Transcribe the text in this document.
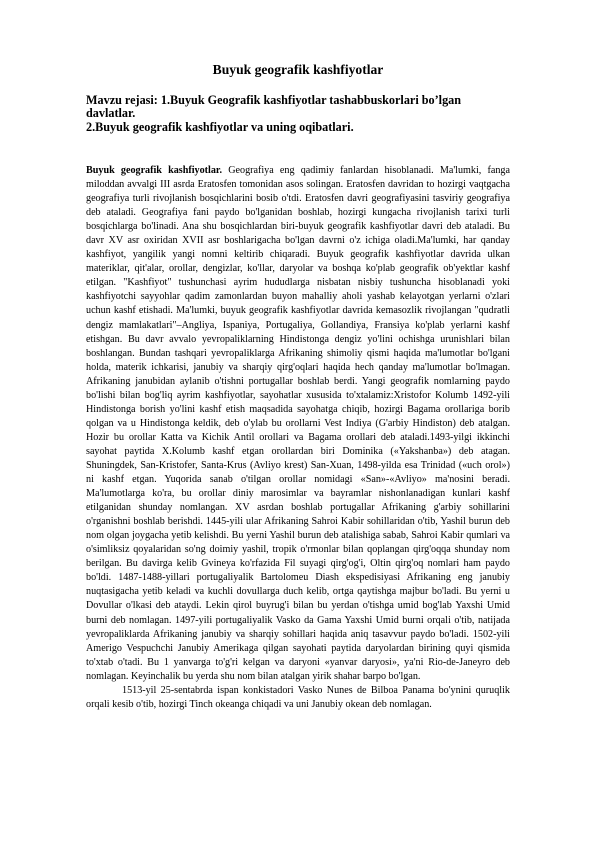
Buyuk geografik kashfiyotlar
Mavzu rejasi: 1.Buyuk Geografik kashfiyotlar tashabbuskorlari bo’lgan davlatlar.
2.Buyuk geografik kashfiyotlar va uning oqibatlari.

Buyuk geografik kashfiyotlar. Geografiya eng qadimiy fanlardan hisoblanadi. Ma'lumki, fanga miloddan avvalgi III asrda Eratosfen tomonidan asos solingan. Eratosfen davridan to hozirgi vaqtgacha geografiya turli rivojlanish bosqichlarini bosib o'tdi. Eratosfen davri geografiyasini tasviriy geografiya deb ataladi. Geografiya fani paydo bo'lganidan boshlab, hozirgi kungacha rivojlanish tarixi turli bosqichlarga bo'linadi. Ana shu bosqichlardan biri-buyuk geografik kashfiyotlar davri deb ataladi. Bu davr XV asr oxiridan XVII asr boshlarigacha bo'lgan davrni o'z ichiga oladi.Ma'lumki, har qanday kashfiyot, yangilik yangi nomni keltirib chiqaradi. Buyuk geografik kashfiyotlar davrida ulkan materiklar, qit'alar, orollar, dengizlar, ko'llar, daryolar va boshqa ko'plab geografik ob'yektlar kashf etilgan. "Kashfiyot" tushunchasi ayrim hududlarga nisbatan nisbiy tushuncha hisoblanadi yoki kashfiyotchi sayyohlar qadim zamonlardan buyon mahalliy aholi yashab kelayotgan yerlarni o'zlari uchun kashf etishadi. Ma'lumki, buyuk geografik kashfiyotlar davrida kemasozlik rivojlangan "qudratli dengiz mamlakatlari"–Angliya, Ispaniya, Portugaliya, Gollandiya, Fransiya ko'plab yerlarni kashf etishgan. Bu davr avvalo yevropaliklarning Hindistonga dengiz yo'lini ochishga urunishlari bilan boshlangan. Bundan tashqari yevropaliklarga Afrikaning shimoliy qismi haqida ma'lumotlar bo'lgani holda, materik ichkarisi, janubiy va sharqiy qirg'oqlari haqida hech qanday ma'lumotlar bo'lmagan. Afrikaning janubidan aylanib o'tishni portugallar boshlab berdi. Yangi geografik nomlarning paydo bo'lishi bilan bog'liq ayrim kashfiyotlar, sayohatlar xususida to'xtalamiz:Xristofor Kolumb 1492-yili Hindistonga borish yo'lini kashf etish maqsadida sayohatga chiqib, hozirgi Bagama orollariga borib qolgan va u Hindistonga keldik, deb o'ylab bu orollarni Vest Indiya (G'arbiy Hindiston) deb atalgan. Hozir bu orollar Katta va Kichik Antil orollari va Bagama orollari deb ataladi.1493-yilgi ikkinchi sayohat paytida X.Kolumb kashf etgan orollardan biri Dominika («Yakshanba») deb atagan. Shuningdek, San-Kristofer, Santa-Krus (Avliyo krest) San-Xuan, 1498-yilda esa Trinidad («uch orol») ni kashf etgan. Yuqorida sanab o'tilgan orollar nomidagi «San»-«Avliyo» ma'nosini beradi. Ma'lumotlarga ko'ra, bu orollar diniy marosimlar va bayramlar nishonlanadigan kunlari kashf etilganidan shunday nomlangan. XV asrdan boshlab portugallar Afrikaning g'arbiy sohillarini o'rganishni boshlab berishdi. 1445-yili ular Afrikaning Sahroi Kabir sohillaridan o'tib, Yashil burun deb nom olgan joygacha yetib kelishdi. Bu yerni Yashil burun deb atalishiga sabab, Sahroi Kabir qumlari va o'simliksiz qoyalaridan so'ng doimiy yashil, tropik o'rmonlar bilan qoplangan qirg'oqqa shunday nom berilgan. Bu davirga kelib Gvineya ko'rfazida Fil suyagi qirg'og'i, Oltin qirg'oq nomlari ham paydo bo'ldi. 1487-1488-yillari portugaliyalik Bartolomeu Diash ekspedisiyasi Afrikaning eng janubiy nuqtasigacha yetib keladi va kuchli dovullarga duch kelib, ortga qaytishga majbur bo'ladi. Bu yerni u Dovullar o'lkasi deb ataydi. Lekin qirol buyrug'i bilan bu yerdan o'tishga umid bog'lab Yaxshi Umid burni deb nomlagan. 1497-yili portugaliyalik Vasko da Gama Yaxshi Umid burni orqali o'tib, natijada yevropaliklarda Afrikaning janubiy va sharqiy sohillari haqida aniq tasavvur paydo bo'ladi. 1502-yili Amerigo Vespuchchi Janubiy Amerikaga qilgan sayohati paytida daryolardan birining quyi qismida to'xtab o'tadi. Bu 1 yanvarga to'g'ri kelgan va daryoni «yanvar daryosi», ya'ni Rio-de-Janeyro deb nomlagan. Keyinchalik bu yerda shu nom bilan atalgan yirik shahar barpo bo'lgan.

1513-yil 25-sentabrda ispan konkistadori Vasko Nunes de Bilboa Panama bo'ynini quruqlik orqali kesib o'tib, hozirgi Tinch okeanga chiqadi va uni Janubiy okean deb nomlagan.
